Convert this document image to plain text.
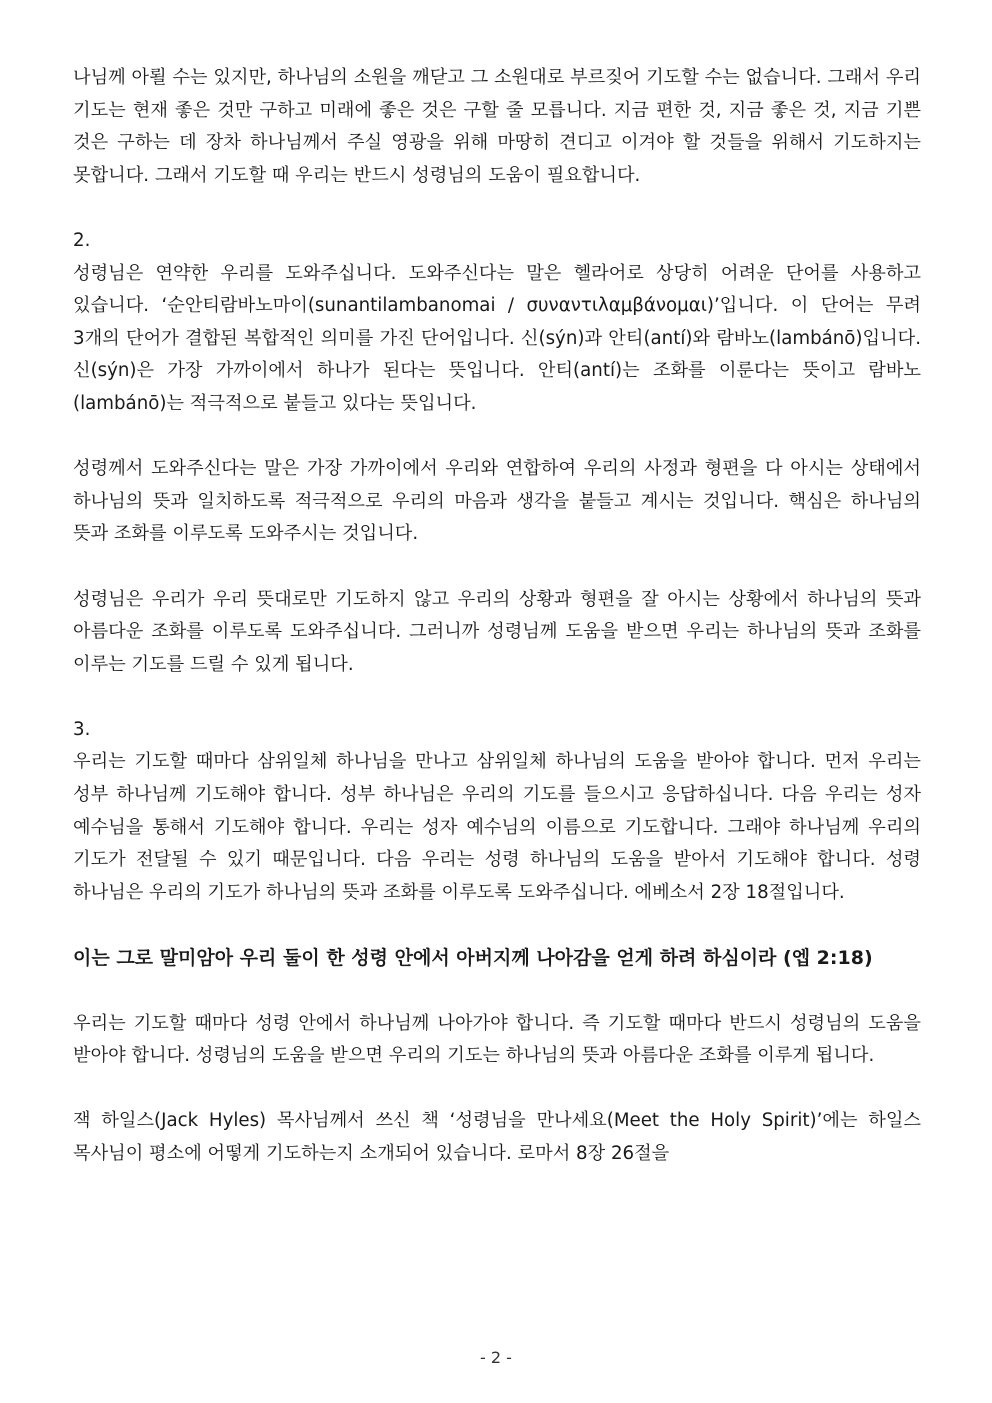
나님께 아뢸 수는 있지만, 하나님의 소원을 깨닫고 그 소원대로 부르짖어 기도할 수는 없습니다. 그래서 우리 기도는 현재 좋은 것만 구하고 미래에 좋은 것은 구할 줄 모릅니다. 지금 편한 것, 지금 좋은 것, 지금 기쁜 것은 구하는 데 장차 하나님께서 주실 영광을 위해 마땅히 견디고 이겨야 할 것들을 위해서 기도하지는 못합니다. 그래서 기도할 때 우리는 반드시 성령님의 도움이 필요합니다.

2.

성령님은 연약한 우리를 도와주십니다. 도와주신다는 말은 헬라어로 상당히 어려운 단어를 사용하고 있습니다. ‘순안티람바노마이(sunantilambanomai / συναντιλαμβάνομαι)’입니다. 이 단어는 무려 3개의 단어가 결합된 복합적인 의미를 가진 단어입니다. 신(sýn)과 안티(antí)와 람바노(lambánō)입니다. 신(sýn)은 가장 가까이에서 하나가 된다는 뜻입니다. 안티(antí)는 조화를 이룬다는 뜻이고 람바노(lambánō)는 적극적으로 붙들고 있다는 뜻입니다.

성령께서 도와주신다는 말은 가장 가까이에서 우리와 연합하여 우리의 사정과 형편을 다 아시는 상태에서 하나님의 뜻과 일치하도록 적극적으로 우리의 마음과 생각을 붙들고 계시는 것입니다. 핵심은 하나님의 뜻과 조화를 이루도록 도와주시는 것입니다.

성령님은 우리가 우리 뜻대로만 기도하지 않고 우리의 상황과 형편을 잘 아시는 상황에서 하나님의 뜻과 아름다운 조화를 이루도록 도와주십니다. 그러니까 성령님께 도움을 받으면 우리는 하나님의 뜻과 조화를 이루는 기도를 드릴 수 있게 됩니다.

3.

우리는 기도할 때마다 삼위일체 하나님을 만나고 삼위일체 하나님의 도움을 받아야 합니다. 먼저 우리는 성부 하나님께 기도해야 합니다. 성부 하나님은 우리의 기도를 들으시고 응답하십니다. 다음 우리는 성자 예수님을 통해서 기도해야 합니다. 우리는 성자 예수님의 이름으로 기도합니다. 그래야 하나님께 우리의 기도가 전달될 수 있기 때문입니다. 다음 우리는 성령 하나님의 도움을 받아서 기도해야 합니다. 성령 하나님은 우리의 기도가 하나님의 뜻과 조화를 이루도록 도와주십니다. 에베소서 2장 18절입니다.

이는 그로 말미암아 우리 둘이 한 성령 안에서 아버지께 나아감을 얻게 하려 하심이라 (엡 2:18)

우리는 기도할 때마다 성령 안에서 하나님께 나아가야 합니다. 즉 기도할 때마다 반드시 성령님의 도움을 받아야 합니다. 성령님의 도움을 받으면 우리의 기도는 하나님의 뜻과 아름다운 조화를 이루게 됩니다.

잭 하일스(Jack Hyles) 목사님께서 쓰신 책 ‘성령님을 만나세요(Meet the Holy Spirit)’에는 하일스 목사님이 평소에 어떻게 기도하는지 소개되어 있습니다. 로마서 8장 26절을

- 2 -
